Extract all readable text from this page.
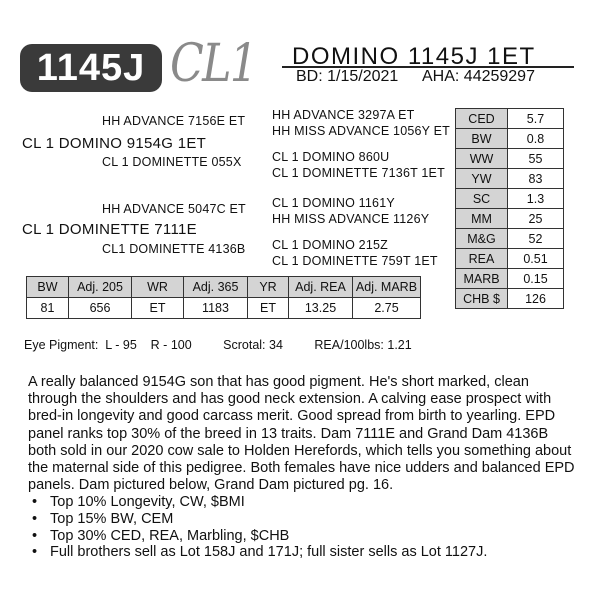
1145J CL1 DOMINO 1145J 1ET
BD: 1/15/2021 AHA: 44259297
HH ADVANCE 7156E ET
CL 1 DOMINO 9154G 1ET
CL 1 DOMINETTE 055X
HH ADVANCE 3297A ET
HH MISS ADVANCE 1056Y ET
CL 1 DOMINO 860U
CL 1 DOMINETTE 7136T 1ET
HH ADVANCE 5047C ET
CL 1 DOMINETTE 7111E
CL1 DOMINETTE 4136B
CL 1 DOMINO 1161Y
HH MISS ADVANCE 1126Y
CL 1 DOMINO 215Z
CL 1 DOMINETTE 759T 1ET
CED	5.7
BW	0.8
WW	55
YW	83
SC	1.3
MM	25
M&G	52
REA	0.51
MARB	0.15
CHB $	126
BW	Adj. 205	WR	Adj. 365	YR	Adj. REA	Adj. MARB
81	656	ET	1183	ET	13.25	2.75
Eye Pigment:  L - 95    R - 100	Scrotal: 34	REA/100lbs: 1.21
A really balanced 9154G son that has good pigment. He's short marked, clean through the shoulders and has good neck extension. A calving ease prospect with bred-in longevity and good carcass merit. Good spread from birth to yearling. EPD panel ranks top 30% of the breed in 13 traits. Dam 7111E and Grand Dam 4136B both sold in our 2020 cow sale to Holden Herefords, which tells you something about the maternal side of this pedigree. Both females have nice udders and balanced EPD panels. Dam pictured below, Grand Dam pictured pg. 16.
• Top 10% Longevity, CW, $BMI
• Top 15% BW, CEM
• Top 30% CED, REA, Marbling, $CHB
• Full brothers sell as Lot 158J and 171J; full sister sells as Lot 1127J.
